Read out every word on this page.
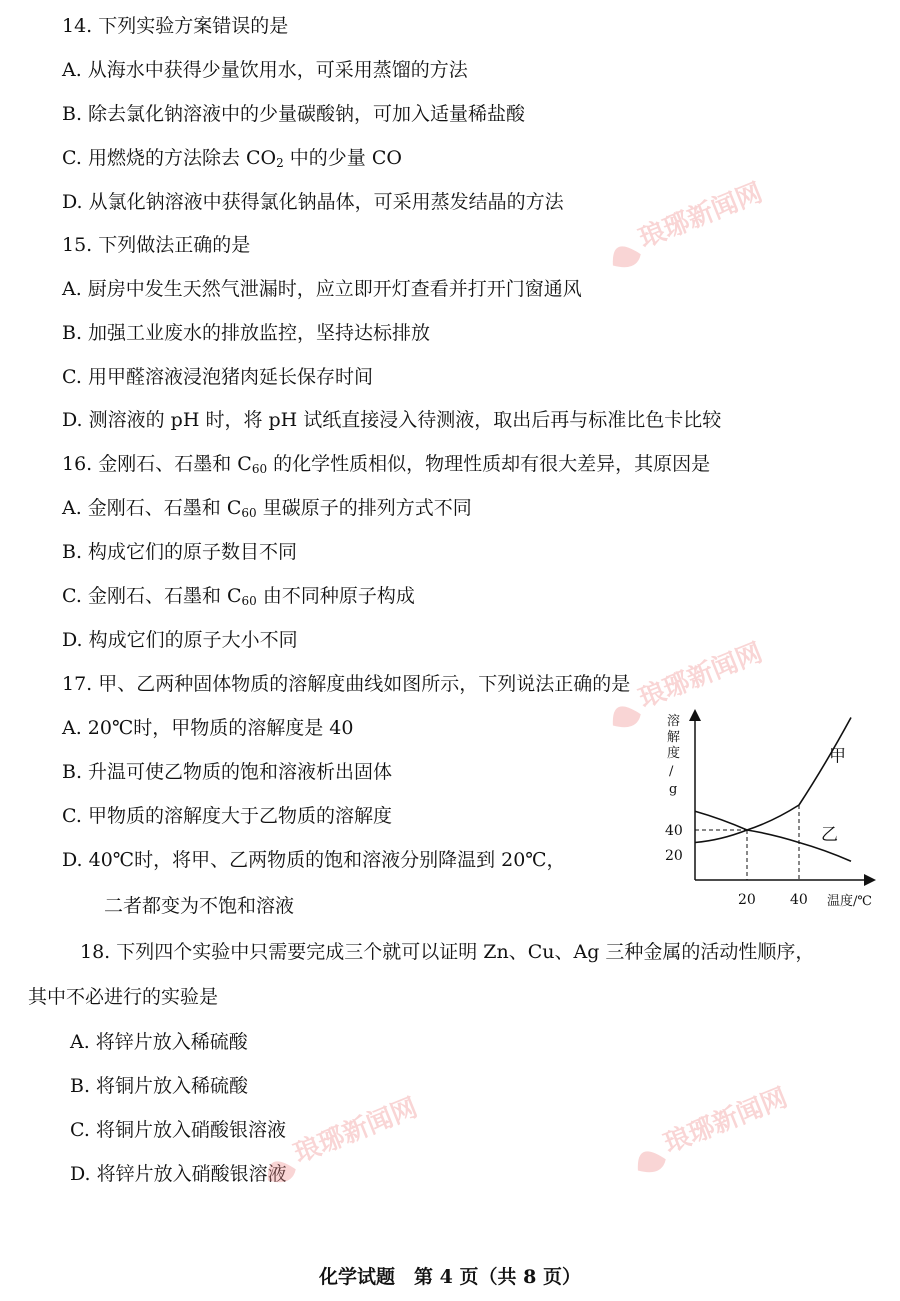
14. 下列实验方案错误的是
A. 从海水中获得少量饮用水，可采用蒸馏的方法
B. 除去氯化钠溶液中的少量碳酸钠，可加入适量稀盐酸
C. 用燃烧的方法除去 $CO_2$ 中的少量 CO
D. 从氯化钠溶液中获得氯化钠晶体，可采用蒸发结晶的方法
15. 下列做法正确的是
A. 厨房中发生天然气泄漏时，应立即开灯查看并打开门窗通风
B. 加强工业废水的排放监控，坚持达标排放
C. 用甲醛溶液浸泡猪肉延长保存时间
D. 测溶液的 pH 时，将 pH 试纸直接浸入待测液，取出后再与标准比色卡比较
16. 金刚石、石墨和 $C_{60}$ 的化学性质相似，物理性质却有很大差异，其原因是
A. 金刚石、石墨和 $C_{60}$ 里碳原子的排列方式不同
B. 构成它们的原子数目不同
C. 金刚石、石墨和 $C_{60}$ 由不同种原子构成
D. 构成它们的原子大小不同
17. 甲、乙两种固体物质的溶解度曲线如图所示，下列说法正确的是
A. 20℃时，甲物质的溶解度是 40
B. 升温可使乙物质的饱和溶液析出固体
C. 甲物质的溶解度大于乙物质的溶解度
D. 40℃时，将甲、乙两物质的饱和溶液分别降温到 20℃，
二者都变为不饱和溶液
溶
解
度
/
g
温度/℃
20 40
20
40
甲
乙
18. 下列四个实验中只需要完成三个就可以证明 Zn、Cu、Ag 三种金属的活动性顺序，
其中不必进行的实验是
A. 将锌片放入稀硫酸
B. 将铜片放入稀硫酸
C. 将铜片放入硝酸银溶液
D. 将锌片放入硝酸银溶液
琅琊新闻网
琅琊新闻网
琅琊新闻网	琅琊新闻网
化学试题　第 4 页（共 8 页）
